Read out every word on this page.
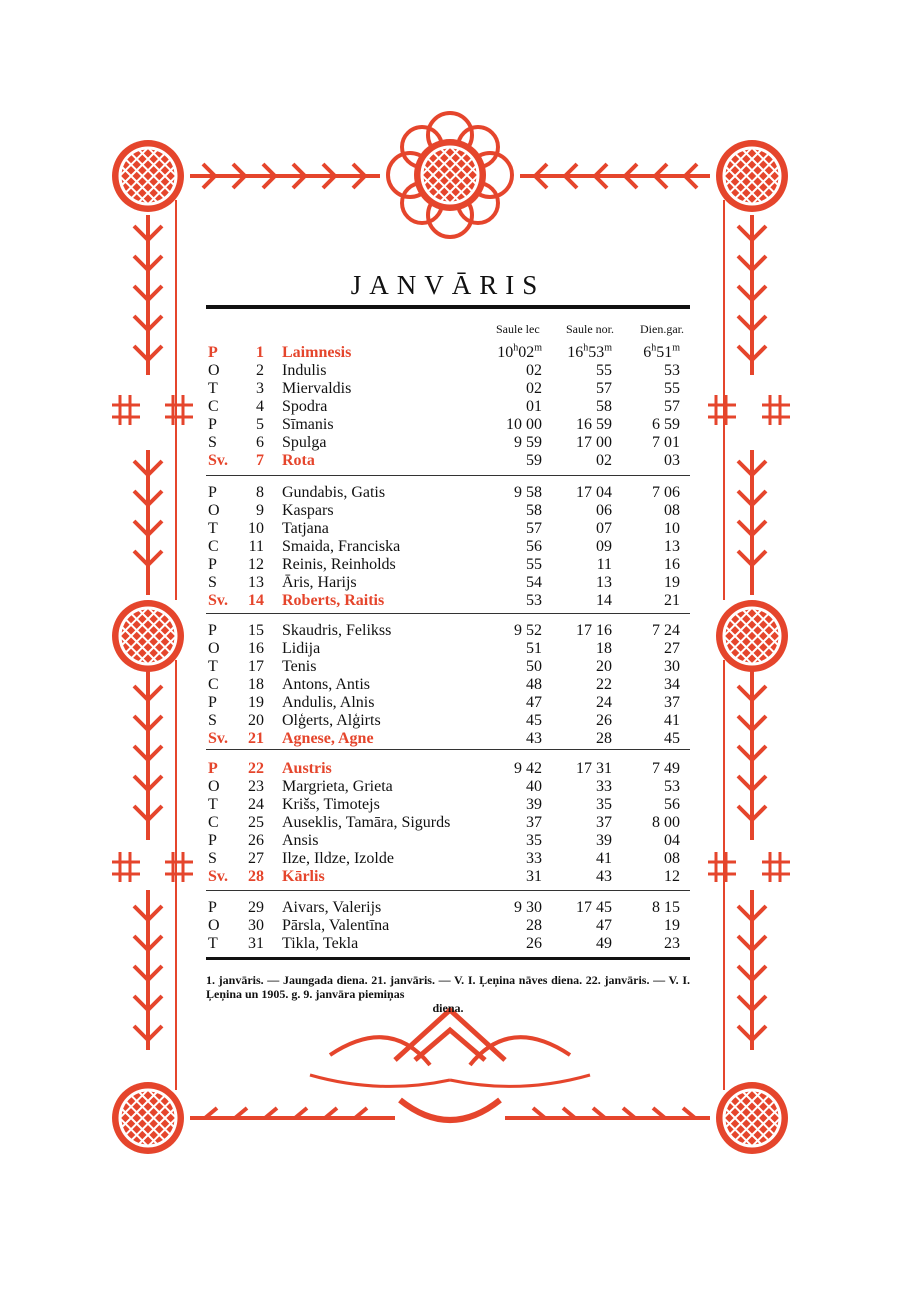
JANVĀRIS
Saule lec Saule nor. Dien.gar.
P	1 Laimnesis	10$^h$02$^m$	16$^h$53$^m$	6$^h$51$^m$
O	2 Indulis	02	55	53
T	3 Miervaldis	02	57	55
C	4 Spodra	01	58	57
P	5 Sīmanis	10 00	16 59	6 59
S	6 Spulga	9 59	17 00	7 01
Sv.	7 Rota	59	02	03
P	8 Gundabis, Gatis	9 58	17 04	7 06
O	9 Kaspars	58	06	08
T	10 Tatjana	57	07	10
C	11 Smaida, Franciska	56	09	13
P	12 Reinis, Reinholds	55	11	16
S	13 Āris, Harijs	54	13	19
Sv.	14 Roberts, Raitis	53	14	21
P	15 Skaudris, Felikss	9 52	17 16	7 24
O	16 Lidija	51	18	27
T	17 Tenis	50	20	30
C	18 Antons, Antis	48	22	34
P	19 Andulis, Alnis	47	24	37
S	20 Olģerts, Alģirts	45	26	41
Sv.	21 Agnese, Agne	43	28	45
P	22 Austris	9 42	17 31	7 49
O	23 Margrieta, Grieta	40	33	53
T	24 Krišs, Timotejs	39	35	56
C	25 Auseklis, Tamāra, Sigurds	37	37	8 00
P	26 Ansis	35	39	04
S	27 Ilze, Ildze, Izolde	33	41	08
Sv.	28 Kārlis	31	43	12
P	29 Aivars, Valerijs	9 30	17 45	8 15
O	30 Pārsla, Valentīna	28	47	19
T	31 Tikla, Tekla	26	49	23
1. janvāris. — Jaungada diena. 21. janvāris. — V. I. Ļeņina nāves diena. 22. janvāris. — V. I. Ļeņina un 1905. g. 9. janvāra piemiņas
diena.
